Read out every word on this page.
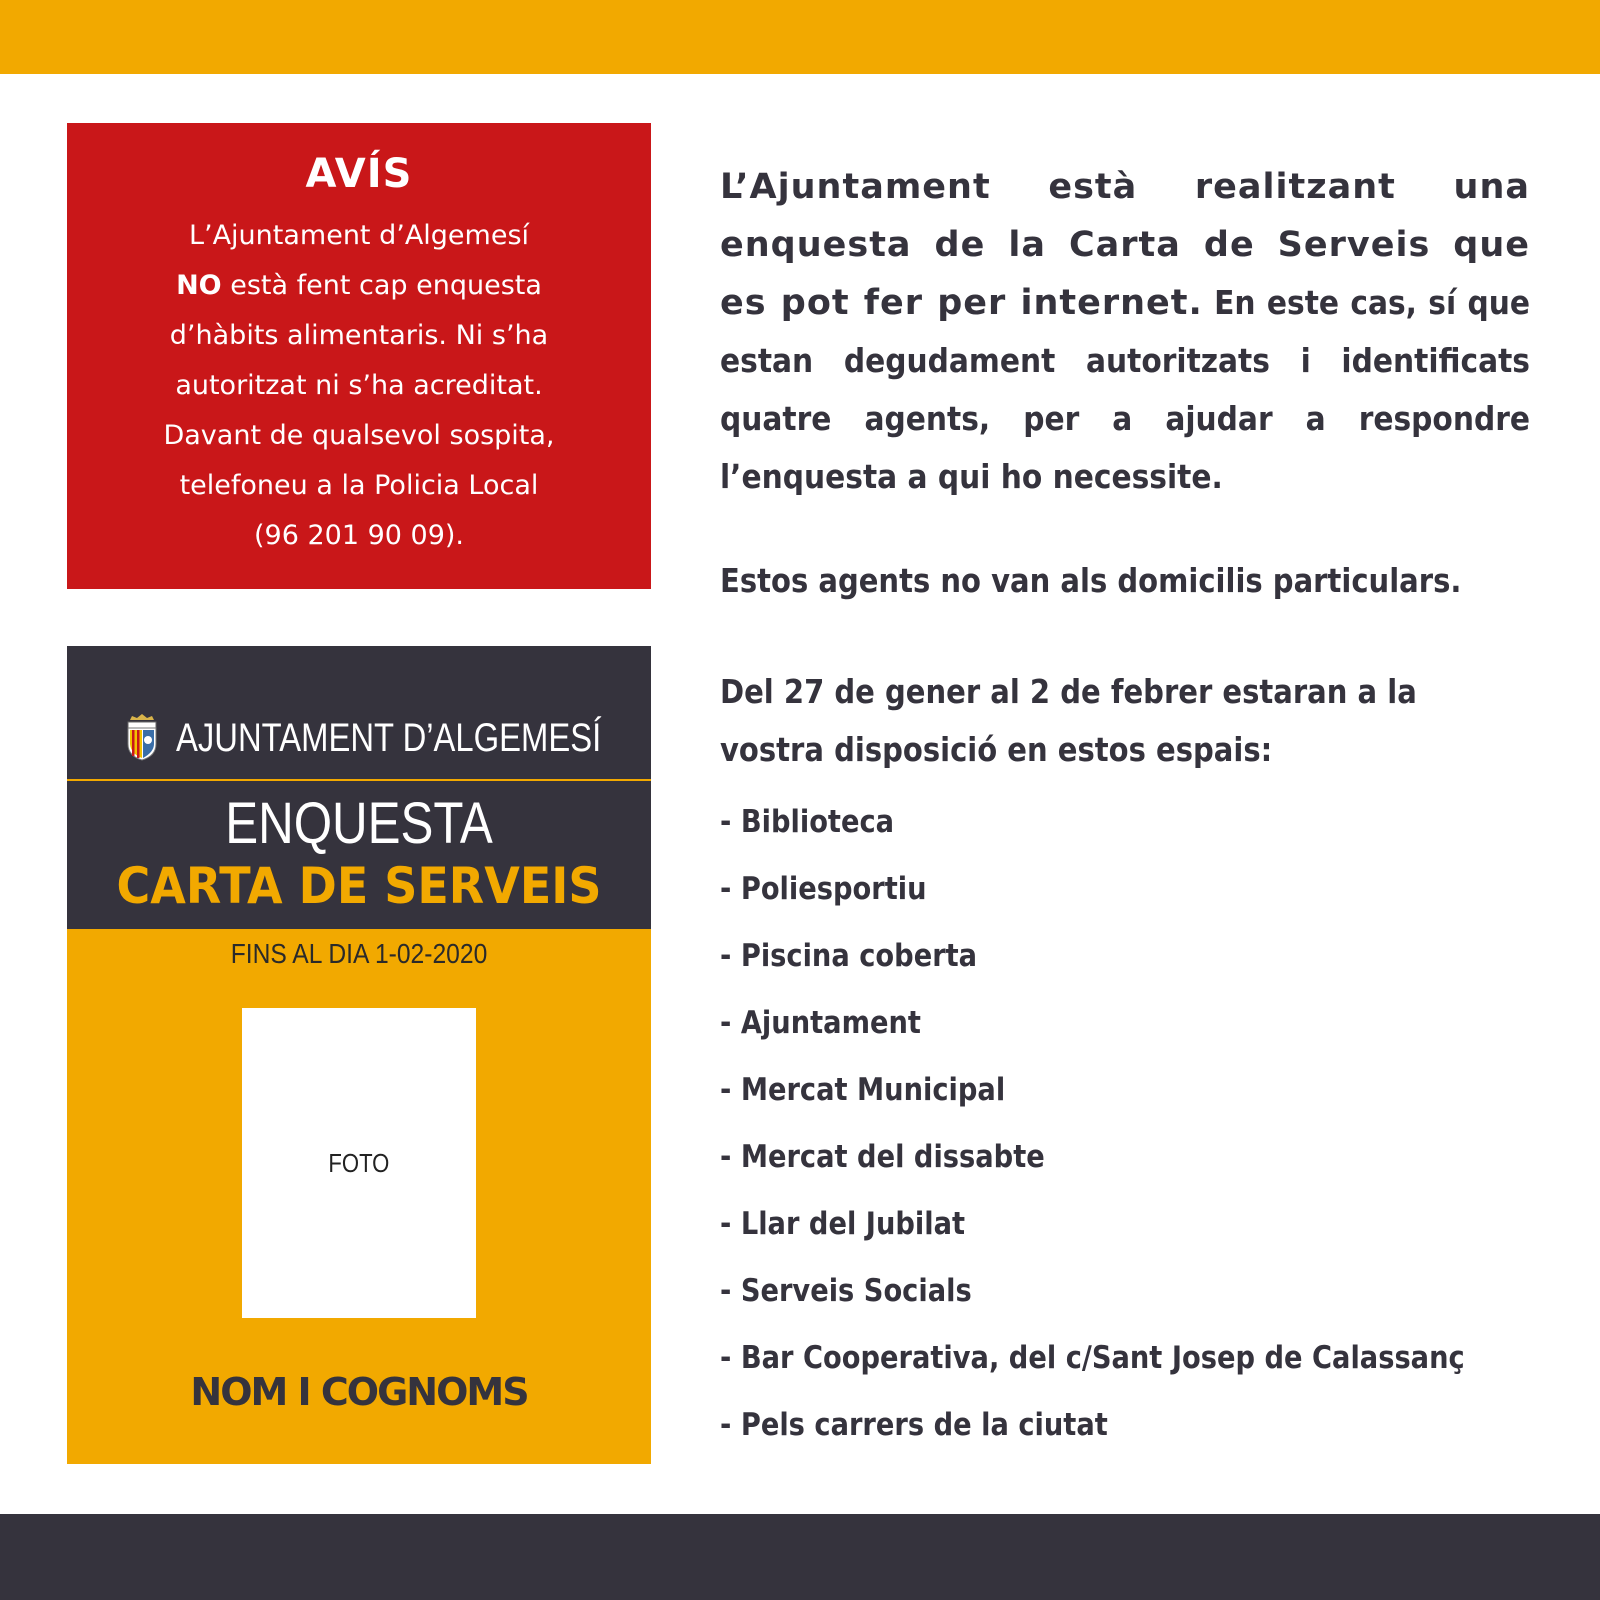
AVÍS
L’Ajuntament d’Algemesí
NO està fent cap enquesta
d’hàbits alimentaris. Ni s’ha
autoritzat ni s’ha acreditat.
Davant de qualsevol sospita,
telefoneu a la Policia Local
(96 201 90 09).
AJUNTAMENT D’ALGEMESÍ
ENQUESTA
CARTA DE SERVEIS
FINS AL DIA 1-02-2020
FOTO
NOM I COGNOMS
L’Ajuntament està realitzant una enquesta de la Carta de Serveis que es pot fer per internet. En este cas, sí que estan degudament autoritzats i identificats quatre agents, per a ajudar a respondre l’enquesta a qui ho necessite.
Estos agents no van als domicilis particulars.
Del 27 de gener al 2 de febrer estaran a la vostra disposició en estos espais:
- Biblioteca
- Poliesportiu
- Piscina coberta
- Ajuntament
- Mercat Municipal
- Mercat del dissabte
- Llar del Jubilat
- Serveis Socials
- Bar Cooperativa, del c/Sant Josep de Calassanç
- Pels carrers de la ciutat
